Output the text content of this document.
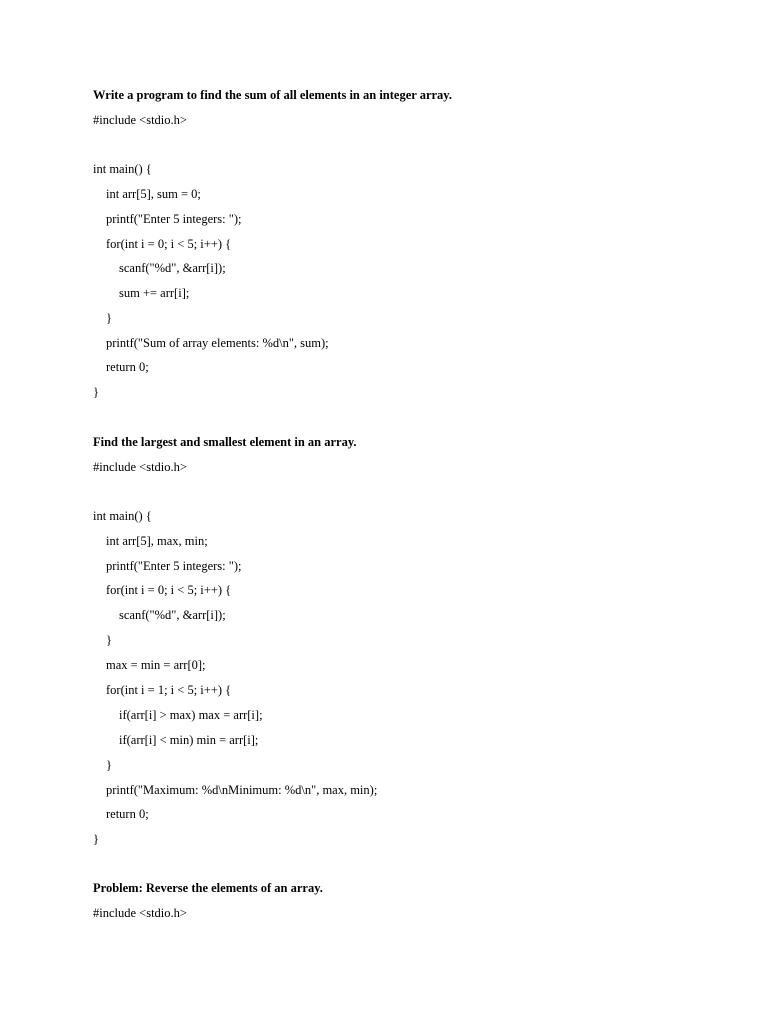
Write a program to find the sum of all elements in an integer array.

#include <stdio.h>

int main() {

int arr[5], sum = 0;

printf("Enter 5 integers: ");

for(int i = 0; i < 5; i++) {

scanf("%d", &arr[i]);

sum += arr[i];

}

printf("Sum of array elements: %d\n", sum);

return 0;

}

Find the largest and smallest element in an array.

#include <stdio.h>

int main() {

int arr[5], max, min;

printf("Enter 5 integers: ");

for(int i = 0; i < 5; i++) {

scanf("%d", &arr[i]);

}

max = min = arr[0];

for(int i = 1; i < 5; i++) {

if(arr[i] > max) max = arr[i];

if(arr[i] < min) min = arr[i];

}

printf("Maximum: %d\nMinimum: %d\n", max, min);

return 0;

}

Problem: Reverse the elements of an array.

#include <stdio.h>
